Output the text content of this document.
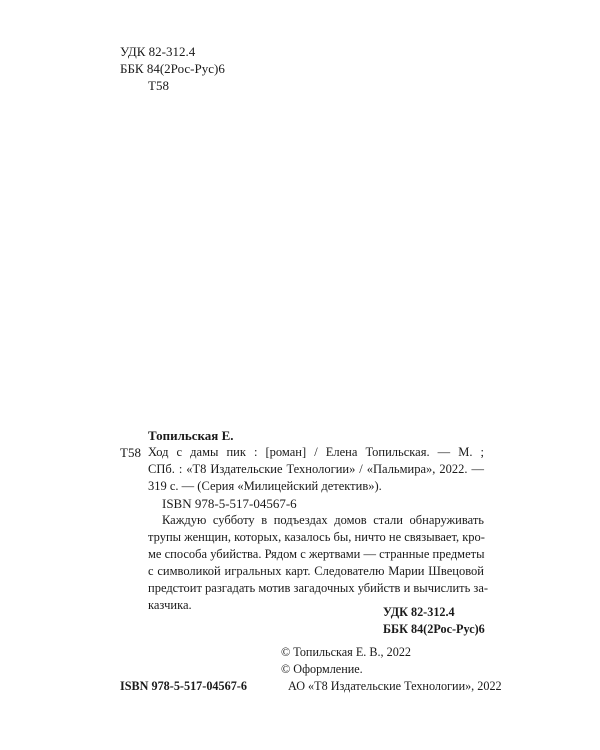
УДК 82-312.4
ББК 84(2Рос-Рус)6
Т58
Топильская Е.
Т58 Ход с дамы пик : [роман] / Елена Топильская. — М. ;
СПб. : «Т8 Издательские Технологии» / «Пальмира», 2022. —
319 с. — (Серия «Милицейский детектив»).
ISBN 978-5-517-04567-6
Каждую субботу в подъездах домов стали обнаруживать
трупы женщин, которых, казалось бы, ничто не связывает, кро-
ме способа убийства. Рядом с жертвами — странные предметы
с символикой игральных карт. Следователю Марии Швецовой
предстоит разгадать мотив загадочных убийств и вычислить за-
казчика.	УДК 82-312.4
ББК 84(2Рос-Рус)6
© Топильская Е. В., 2022
© Оформление.
АО «Т8 Издательские Технологии», 2022
ISBN 978-5-517-04567-6
